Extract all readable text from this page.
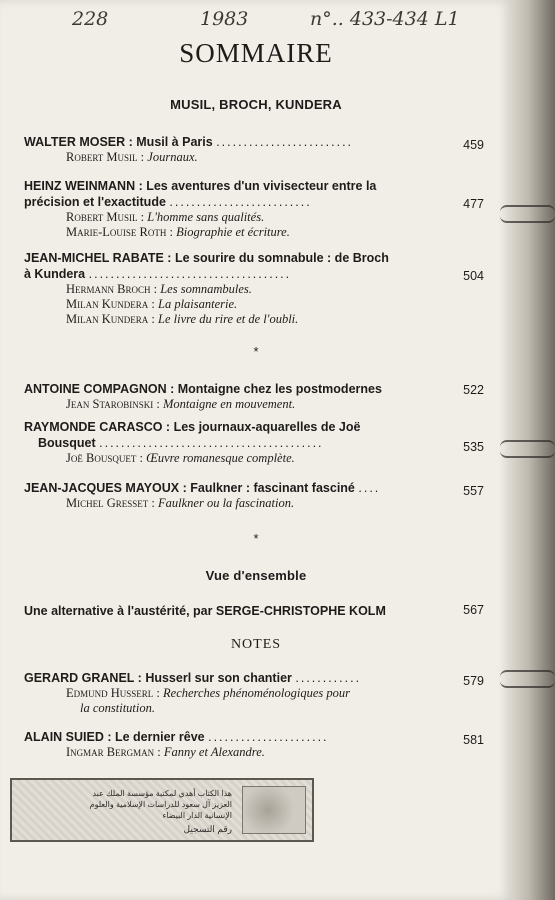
228	1983	n°.. 433-434 L1
SOMMAIRE
MUSIL, BROCH, KUNDERA
WALTER MOSER : Musil à Paris .........................	459
Robert Musil : Journaux.
HEINZ WEINMANN : Les aventures d'un vivisecteur entre la
précision et l'exactitude ..........................	477
Robert Musil : L'homme sans qualités.
Marie-Louise Roth : Biographie et écriture.
JEAN-MICHEL RABATE : Le sourire du somnabule : de Broch
à Kundera .....................................	504
Hermann Broch : Les somnambules.
Milan Kundera : La plaisanterie.
Milan Kundera : Le livre du rire et de l'oubli.
*
ANTOINE COMPAGNON : Montaigne chez les postmodernes	522
Jean Starobinski : Montaigne en mouvement.
RAYMONDE CARASCO : Les journaux-aquarelles de Joë
Bousquet .........................................	535
Joë Bousquet : Œuvre romanesque complète.
JEAN-JACQUES MAYOUX : Faulkner : fascinant fasciné ....	557
Michel Gresset : Faulkner ou la fascination.
*
Vue d'ensemble
Une alternative à l'austérité, par SERGE-CHRISTOPHE KOLM	567
NOTES
GERARD GRANEL : Husserl sur son chantier ............	579
Edmund Husserl : Recherches phénoménologiques pour
la constitution.
ALAIN SUIED : Le dernier rêve ......................	581
Ingmar Bergman : Fanny et Alexandre.
هذا الكتاب أهدي لمكتبة مؤسسة الملك عبد العزيز آل سعود للدراسات الإسلامية والعلوم الإنسانية الدار البيضاء
رقم التسجيل
